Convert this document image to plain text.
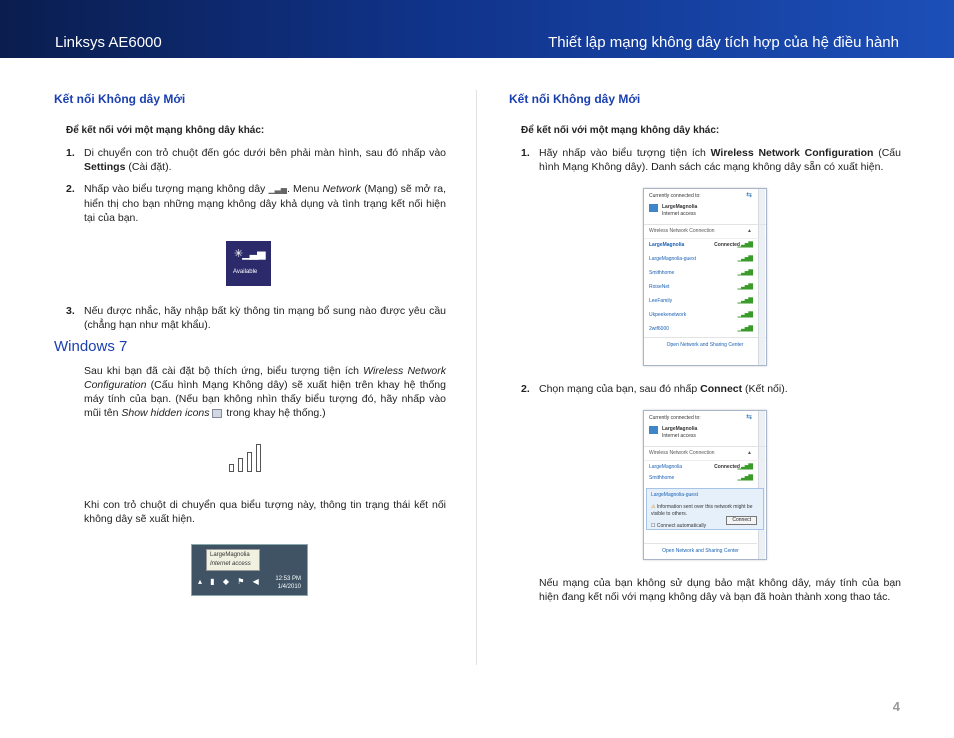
Linksys AE6000	Thiết lập mạng không dây tích hợp của hệ điều hành
Kết nối Không dây Mới
Để kết nối với một mạng không dây khác:
1. Di chuyển con trỏ chuột đến góc dưới bên phải màn hình, sau đó nhấp vào Settings (Cài đặt).
2. Nhấp vào biểu tượng mạng không dây ▁▃▅. Menu Network (Mạng) sẽ mở ra, hiển thị cho bạn những mạng không dây khả dụng và tình trạng kết nối hiện tại của bạn.
✳▁▃▅
Available
3. Nếu được nhắc, hãy nhập bất kỳ thông tin mạng bổ sung nào được yêu cầu (chẳng hạn như mật khẩu).
Windows 7
Sau khi bạn đã cài đặt bộ thích ứng, biểu tượng tiện ích Wireless Network Configuration (Cấu hình Mạng Không dây) sẽ xuất hiện trên khay hệ thống máy tính của bạn. (Nếu bạn không nhìn thấy biểu tượng đó, hãy nhấp vào mũi tên Show hidden icons trong khay hệ thống.)
Khi con trỏ chuột di chuyển qua biểu tượng này, thông tin trạng thái kết nối không dây sẽ xuất hiện.
LargeMagnolia
Internet access
▴ ▮ ◆ ⚑ ◀ 12:53 PM
1/4/2010
Kết nối Không dây Mới
Để kết nối với một mạng không dây khác:
1. Hãy nhấp vào biểu tượng tiện ích Wireless Network Configuration (Cấu hình Mạng Không dây). Danh sách các mạng không dây sẵn có xuất hiện.
Currently connected to:	⇆
LargeMagnolia
Internet access
Wireless Network Connection	▲
LargeMagnolia	Connected
▁▃▅▇
LargeMagnolia-guest	▁▃▅▇
Smithhome	▁▃▅▇
RoiseNet	▁▃▅▇
LeeFamily	▁▃▅▇
Ukpeekenetwork	▁▃▅▇
2wif6000	▁▃▅▇
Open Network and Sharing Center
2. Chọn mạng của bạn, sau đó nhấp Connect (Kết nối).
Currently connected to:	⇆
LargeMagnolia
Internet access
Wireless Network Connection	▲
LargeMagnolia	Connected
▁▃▅▇
Smithhome	▁▃▅▇
LargeMagnolia-guest
⚠ Information sent over this network might be visible to others.
☐ Connect automatically
Connect
Open Network and Sharing Center
Nếu mạng của bạn không sử dụng bảo mật không dây, máy tính của bạn hiện đang kết nối với mạng không dây và bạn đã hoàn thành xong thao tác.
4
